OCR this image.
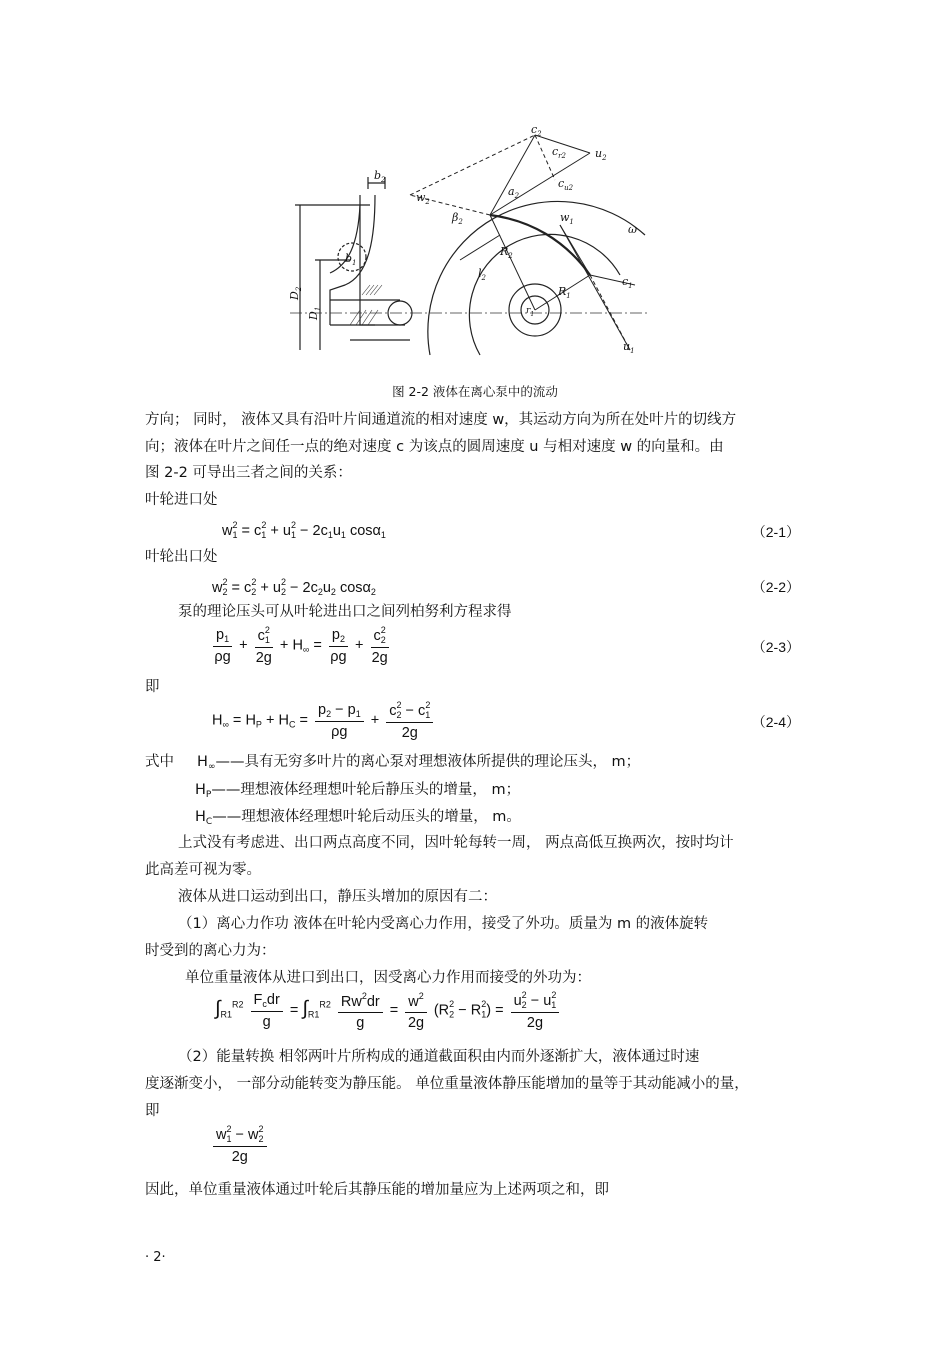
$c_2$
$u_2$
$c_{r2}$
$c_{u2}$
$a_2$
$w_2$
$b_2$
$\beta_2$	$w_1$
ω
$R_2$
$l_2$
$R_1$
$c_1$
$u_1$
$b_1$
$r_1$
$D_2$
$D_1$
图 2-2 液体在离心泵中的流动
方向； 同时， 液体又具有沿叶片间通道流的相对速度 w，其运动方向为所在处叶片的切线方
向；液体在叶片之间任一点的绝对速度 c 为该点的圆周速度 u 与相对速度 w 的向量和。由
图 2-2 可导出三者之间的关系：
叶轮进口处
$w_1^2 = c_1^2 + u_1^2 - 2c_1u_1$ cosα$_1$	（2-1）
叶轮出口处
$w_2^2 = c_2^2 + u_2^2 - 2c_2u_2$ cosα$_2$	（2-2）
泵的理论压头可从叶轮进出口之间列柏努利方程求得
$\frac{p_1}{\rho g} + \frac{c_1^2}{2g} + H_\infty = \frac{p_2}{\rho g} + \frac{c_2^2}{2g}$	（2-3）
即
$H_\infty = H_P + H_C = \frac{p_2 - p_1}{\rho g} + \frac{c_2^2 - c_1^2}{2g}$	（2-4）
式中 $H_\infty——$具有无穷多叶片的离心泵对理想液体所提供的理论压头， m；
$H_P——$理想液体经理想叶轮后静压头的增量， m；
$H_C——$理想液体经理想叶轮后动压头的增量， m。
上式没有考虑进、出口两点高度不同，因叶轮每转一周， 两点高低互换两次，按时均计
此高差可视为零。
液体从进口运动到出口，静压头增加的原因有二：
（1）离心力作功 液体在叶轮内受离心力作用，接受了外功。质量为 m 的液体旋转
时受到的离心力为：
单位重量液体从进口到出口，因受离心力作用而接受的外功为：
$\int_{R1}^{R2} \frac{F_cdr}{g} = \int_{R1}^{R2} \frac{Rw^2dr}{g} = \frac{w^2}{2g} (R_2^2 - R_1^2) = \frac{u_2^2 - u_1^2}{2g}$
（2）能量转换 相邻两叶片所构成的通道截面积由内而外逐渐扩大，液体通过时速
度逐渐变小， 一部分动能转变为静压能。 单位重量液体静压能增加的量等于其动能减小的量，
即
$\frac{w_1^2 - w_2^2}{2g}$
因此，单位重量液体通过叶轮后其静压能的增加量应为上述两项之和，即
· 2·
